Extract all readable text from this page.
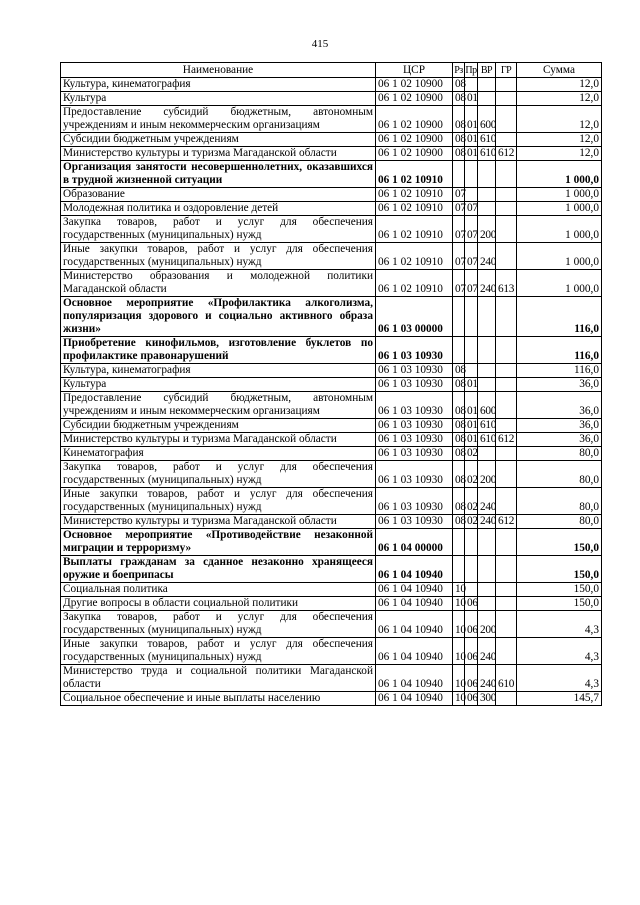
415
Наименование	ЦСР	Рз	Пр	ВР	ГР	Сумма
Культура, кинематография	06 1 02 10900	08				12,0
Культура	06 1 02 10900	08	01			12,0
Предоставление субсидий бюджетным, автономным учреждениям и иным некоммерческим организациям	06 1 02 10900	08	01	600		12,0
Субсидии бюджетным учреждениям	06 1 02 10900	08	01	610		12,0
Министерство культуры и туризма Магаданской области	06 1 02 10900	08	01	610	612	12,0
Организация занятости несовершеннолетних, оказавшихся в трудной жизненной ситуации	06 1 02 10910					1 000,0
Образование	06 1 02 10910	07				1 000,0
Молодежная политика и оздоровление детей	06 1 02 10910	07	07			1 000,0
Закупка товаров, работ и услуг для обеспечения государственных (муниципальных) нужд	06 1 02 10910	07	07	200		1 000,0
Иные закупки товаров, работ и услуг для обеспечения государственных (муниципальных) нужд	06 1 02 10910	07	07	240		1 000,0
Министерство образования и молодежной политики Магаданской области	06 1 02 10910	07	07	240	613	1 000,0
Основное мероприятие «Профилактика алкоголизма, популяризация здорового и социально активного образа жизни»	06 1 03 00000					116,0
Приобретение кинофильмов, изготовление буклетов по профилактике правонарушений	06 1 03 10930					116,0
Культура, кинематография	06 1 03 10930	08				116,0
Культура	06 1 03 10930	08	01			36,0
Предоставление субсидий бюджетным, автономным учреждениям и иным некоммерческим организациям	06 1 03 10930	08	01	600		36,0
Субсидии бюджетным учреждениям	06 1 03 10930	08	01	610		36,0
Министерство культуры и туризма Магаданской области	06 1 03 10930	08	01	610	612	36,0
Кинематография	06 1 03 10930	08	02			80,0
Закупка товаров, работ и услуг для обеспечения государственных (муниципальных) нужд	06 1 03 10930	08	02	200		80,0
Иные закупки товаров, работ и услуг для обеспечения государственных (муниципальных) нужд	06 1 03 10930	08	02	240		80,0
Министерство культуры и туризма Магаданской области	06 1 03 10930	08	02	240	612	80,0
Основное мероприятие «Противодействие незаконной миграции и терроризму»	06 1 04 00000					150,0
Выплаты гражданам за сданное незаконно хранящееся оружие и боеприпасы	06 1 04 10940					150,0
Социальная политика	06 1 04 10940	10				150,0
Другие вопросы в области социальной политики	06 1 04 10940	10	06			150,0
Закупка товаров, работ и услуг для обеспечения государственных (муниципальных) нужд	06 1 04 10940	10	06	200		4,3
Иные закупки товаров, работ и услуг для обеспечения государственных (муниципальных) нужд	06 1 04 10940	10	06	240		4,3
Министерство труда и социальной политики Магаданской области	06 1 04 10940	10	06	240	610	4,3
Социальное обеспечение и иные выплаты населению	06 1 04 10940	10	06	300		145,7
